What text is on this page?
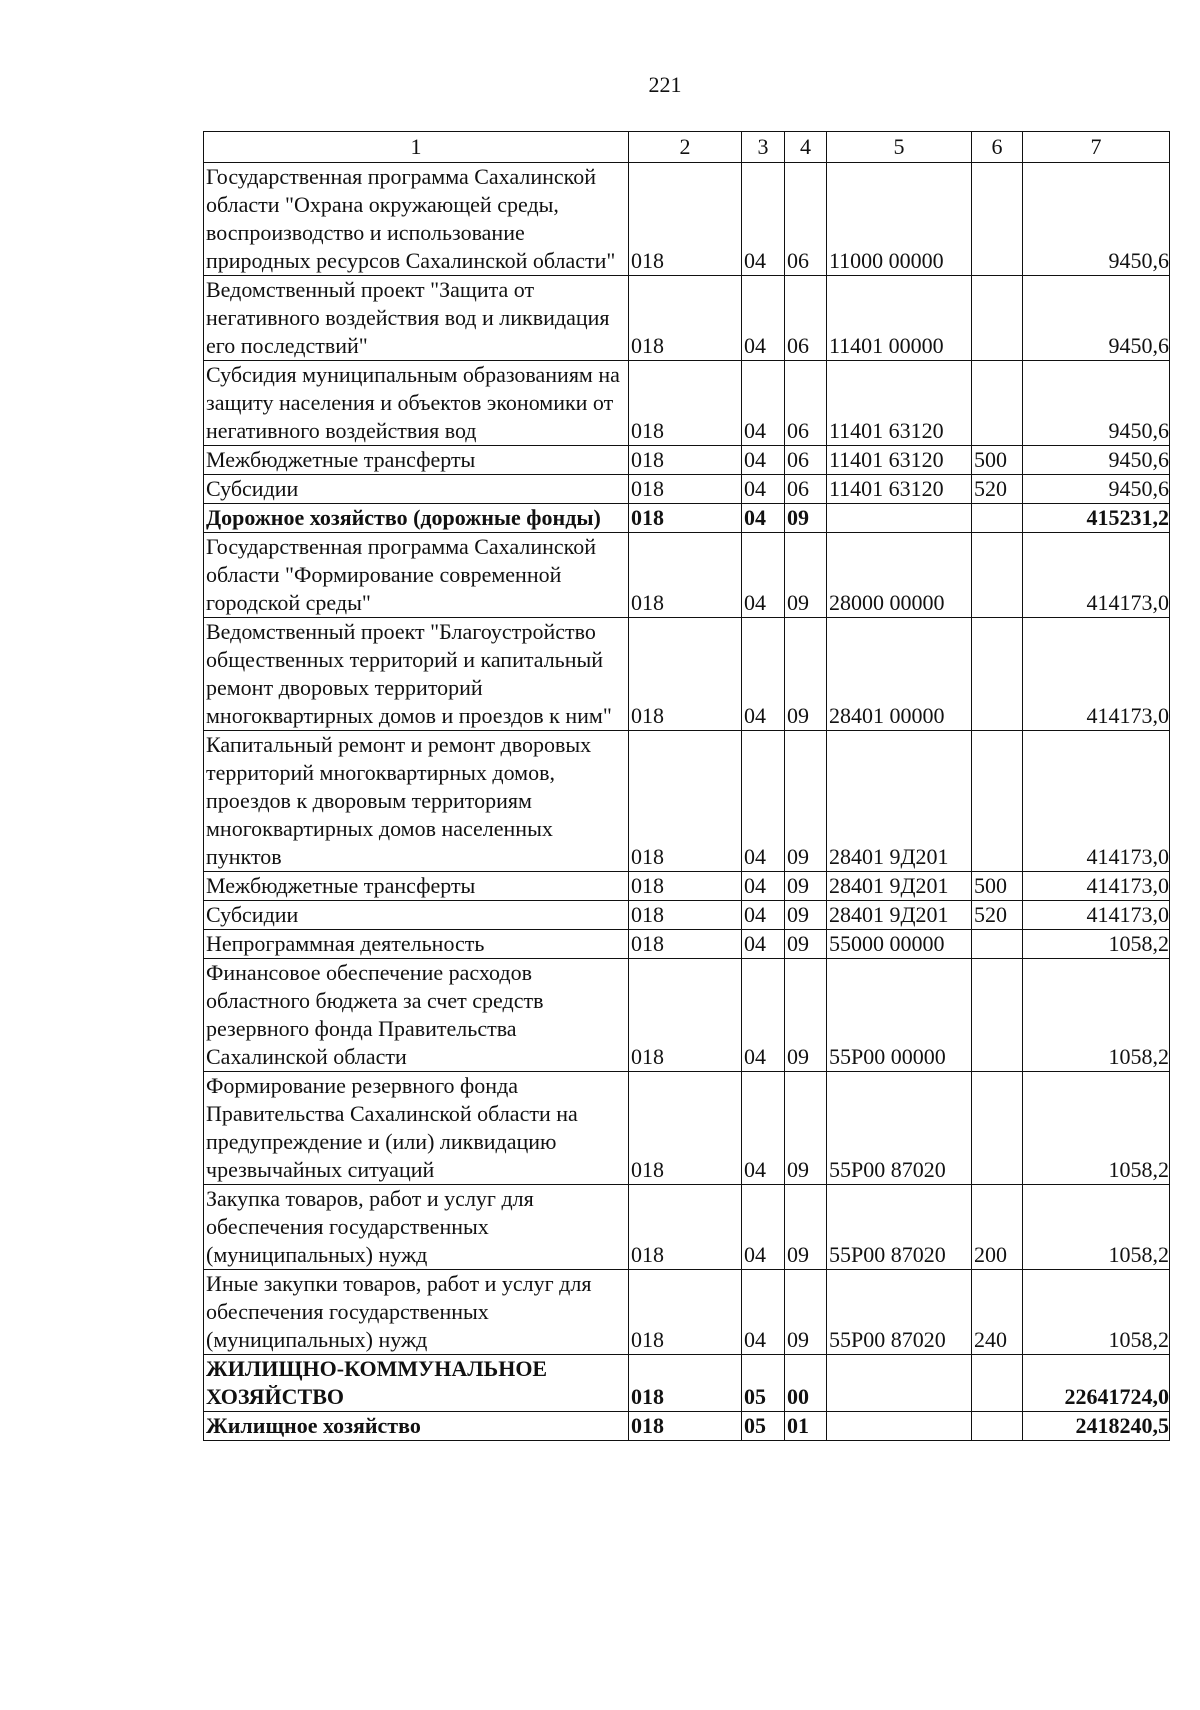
221
1	2	3	4	5	6	7
Государственная программа Сахалинской области "Охрана окружающей среды, воспроизводство и использование природных ресурсов Сахалинской области"	018	04	06	11000 00000		9450,6
Ведомственный проект "Защита от негативного воздействия вод и ликвидация его последствий"	018	04	06	11401 00000		9450,6
Субсидия муниципальным образованиям на защиту населения и объектов экономики от негативного воздействия вод	018	04	06	11401 63120		9450,6
Межбюджетные трансферты	018	04	06	11401 63120	500	9450,6
Субсидии	018	04	06	11401 63120	520	9450,6
Дорожное хозяйство (дорожные фонды)	018	04	09			415231,2
Государственная программа Сахалинской области "Формирование современной городской среды"	018	04	09	28000 00000		414173,0
Ведомственный проект "Благоустройство общественных территорий и капитальный ремонт дворовых территорий многоквартирных домов и проездов к ним"	018	04	09	28401 00000		414173,0
Капитальный ремонт и ремонт дворовых территорий многоквартирных домов, проездов к дворовым территориям многоквартирных домов населенных пунктов	018	04	09	28401 9Д201		414173,0
Межбюджетные трансферты	018	04	09	28401 9Д201	500	414173,0
Субсидии	018	04	09	28401 9Д201	520	414173,0
Непрограммная деятельность	018	04	09	55000 00000		1058,2
Финансовое обеспечение расходов областного бюджета за счет средств резервного фонда Правительства Сахалинской области	018	04	09	55Р00 00000		1058,2
Формирование резервного фонда Правительства Сахалинской области на предупреждение и (или) ликвидацию чрезвычайных ситуаций	018	04	09	55Р00 87020		1058,2
Закупка товаров, работ и услуг для обеспечения государственных (муниципальных) нужд	018	04	09	55Р00 87020	200	1058,2
Иные закупки товаров, работ и услуг для обеспечения государственных (муниципальных) нужд	018	04	09	55Р00 87020	240	1058,2
ЖИЛИЩНО-КОММУНАЛЬНОЕ ХОЗЯЙСТВО	018	05	00			22641724,0
Жилищное хозяйство	018	05	01			2418240,5
